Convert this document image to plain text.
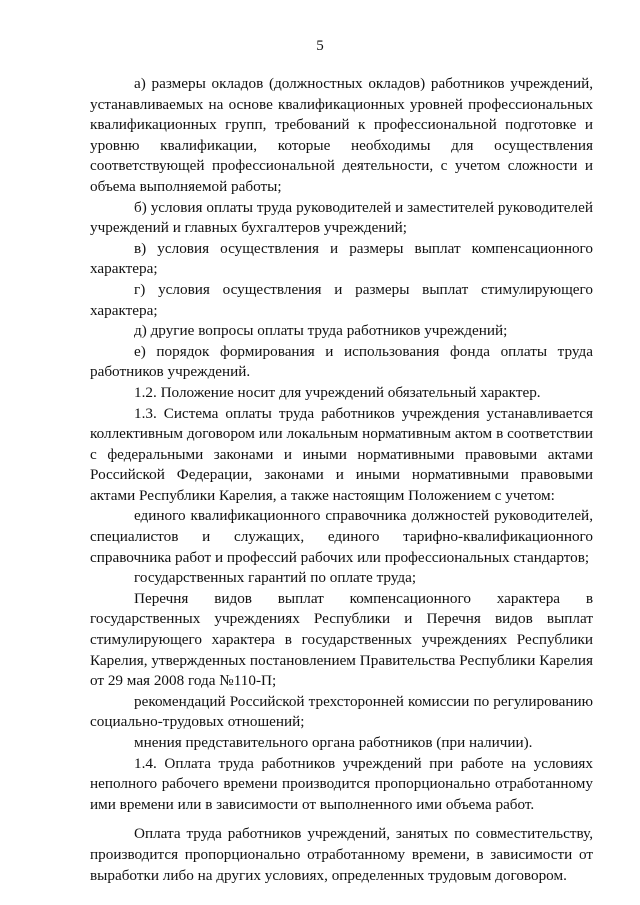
5

а) размеры окладов (должностных окладов) работников учреждений, устанавливаемых на основе квалификационных уровней профессиональных квалификационных групп, требований к профессиональной подготовке и уровню квалификации, которые необходимы для осуществления соответствующей профессиональной деятельности, с учетом сложности и объема выполняемой работы;

б) условия оплаты труда руководителей и заместителей руководителей учреждений и главных бухгалтеров учреждений;

в) условия осуществления и размеры выплат компенсационного характера;

г) условия осуществления и размеры выплат стимулирующего характера;

д) другие вопросы оплаты труда работников учреждений;

е) порядок формирования и использования фонда оплаты труда работников учреждений.

1.2. Положение носит для учреждений обязательный характер.

1.3. Система оплаты труда работников учреждения устанавливается коллективным договором или локальным нормативным актом в соответствии с федеральными законами и иными нормативными правовыми актами Российской Федерации, законами и иными нормативными правовыми актами Республики Карелия, а также настоящим Положением с учетом:

единого квалификационного справочника должностей руководителей, специалистов и служащих, единого тарифно-квалификационного справочника работ и профессий рабочих или профессиональных стандартов;

государственных гарантий по оплате труда;

Перечня видов выплат компенсационного характера в государственных учреждениях Республики и Перечня видов выплат стимулирующего характера в государственных учреждениях Республики Карелия, утвержденных постановлением Правительства Республики Карелия от 29 мая 2008 года №110-П;

рекомендаций Российской трехсторонней комиссии по регулированию социально-трудовых отношений;

мнения представительного органа работников (при наличии).

1.4. Оплата труда работников учреждений при работе на условиях неполного рабочего времени производится пропорционально отработанному ими времени или в зависимости от выполненного ими объема работ.

Оплата труда работников учреждений, занятых по совместительству, производится пропорционально отработанному времени, в зависимости от выработки либо на других условиях, определенных трудовым договором.
